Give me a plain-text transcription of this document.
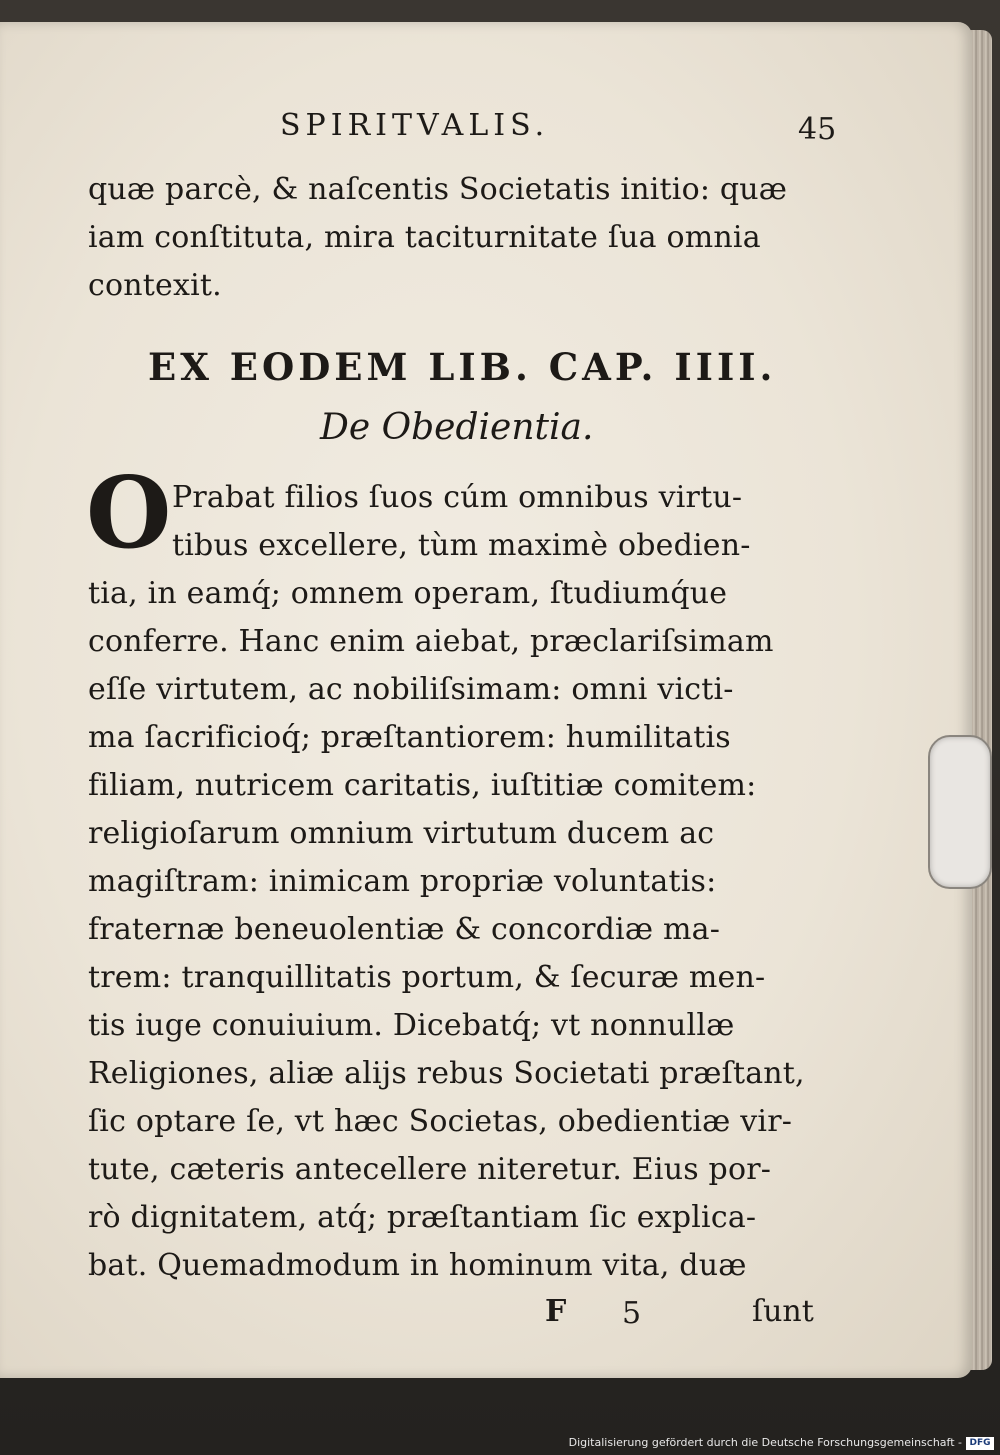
SPIRITVALIS.	45
quæ parcè, & naſcentis Societatis initio: quæ
iam conſtituta, mira taciturnitate ſua omnia
contexit.
EX EODEM LIB. CAP. IIII.
De Obedientia.
O Prabat filios ſuos cúm omnibus virtu-
tibus excellere, tùm maximè obedien-
tia, in eamq́; omnem operam, ſtudiumq́ue
conferre. Hanc enim aiebat, præclariſsimam
eſſe virtutem, ac nobiliſsimam: omni victi-
ma ſacrificioq́; præſtantiorem: humilitatis
filiam, nutricem caritatis, iuſtitiæ comitem:
religioſarum omnium virtutum ducem ac
magiſtram: inimicam propriæ voluntatis:
fraternæ beneuolentiæ & concordiæ ma-
trem: tranquillitatis portum, & ſecuræ men-
tis iuge conuiuium. Dicebatq́; vt nonnullæ
Religiones, aliæ alijs rebus Societati præſtant,
ſic optare ſe, vt hæc Societas, obedientiæ vir-
tute, cæteris antecellere niteretur. Eius por-
rò dignitatem, atq́; præſtantiam ſic explica-
bat. Quemadmodum in hominum vita, duæ
F 5	ſunt
Digitalisierung gefördert durch die Deutsche Forschungsgemeinschaft - DFG
